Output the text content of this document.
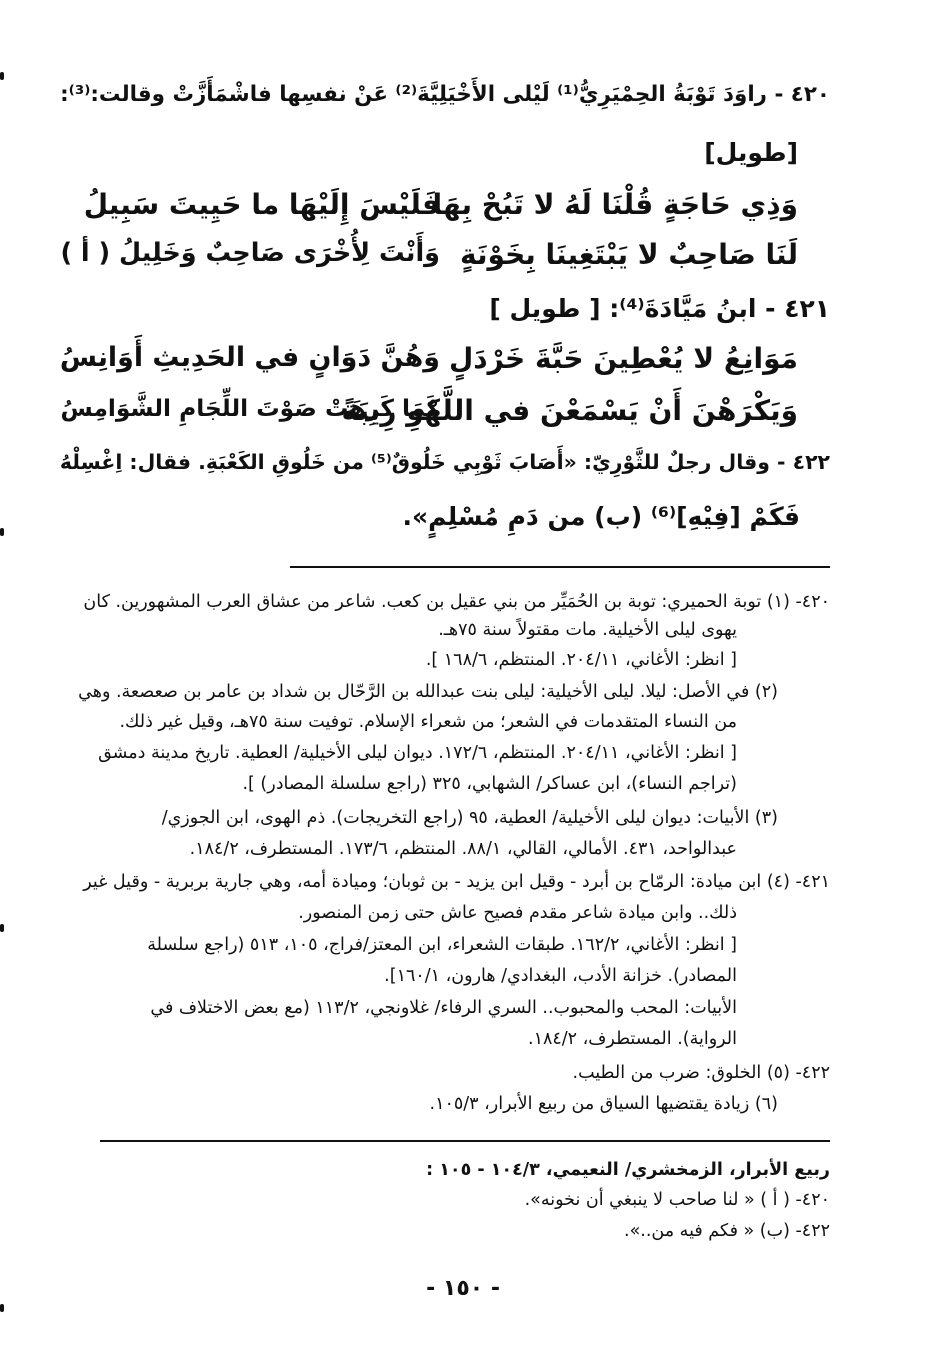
٤٢٠ - راوَدَ تَوْبَةُ الحِمْيَرِيُّ⁽¹⁾ لَيْلى الأَخْيَلِيَّةَ⁽²⁾ عَنْ نفسِها فاشْمَأَزَّتْ وقالت:⁽³⁾:
[طويل]
وَذِي حَاجَةٍ قُلْنَا لَهُ لا تَبُحْ بِهَا
فَلَيْسَ إِلَيْهَا ما حَيِيتَ سَبِيلُ
لَنَا صَاحِبٌ لا يَبْتَغِينَا بِخَوْنَةٍ
وَأَنْتَ لِأُخْرَى صَاحِبٌ وَخَلِيلُ ( أ )
٤٢١ - ابنُ مَيَّادَةَ⁽⁴⁾: [ طويل ]
مَوَانِعُ لا يُعْطِينَ حَبَّةَ خَرْدَلٍ
وَهُنَّ دَوَانٍ في الحَدِيثِ أَوَانِسُ
وَيَكْرَهْنَ أَنْ يَسْمَعْنَ في اللَّهْوِ رِيبَةً
كَمَا كَرِهَتْ صَوْتَ اللِّجَامِ الشَّوَامِسُ
٤٢٢ - وقال رجلٌ للثَّوْرِيّ: «أَصَابَ ثَوْبِي خَلُوقٌ⁽⁵⁾ من خَلُوقِ الكَعْبَةِ. فقال: اِغْسِلْهُ
فَكَمْ [فِيْهِ]⁽⁶⁾ (ب) من دَمِ مُسْلِمٍ».
٤٢٠- (١) توبة الحميري: توبة بن الحُمَيِّر من بني عقيل بن كعب. شاعر من عشاق العرب المشهورين. كان
يهوى ليلى الأخيلية. مات مقتولاً سنة ٧٥هـ.
[ انظر: الأغاني، ٢٠٤/١١. المنتظم، ١٦٨/٦ ].
(٢) في الأصل: ليلا. ليلى الأخيلية: ليلى بنت عبدالله بن الرَّحّال بن شداد بن عامر بن صعصعة. وهي
من النساء المتقدمات في الشعر؛ من شعراء الإسلام. توفيت سنة ٧٥هـ، وقيل غير ذلك.
[ انظر: الأغاني، ٢٠٤/١١. المنتظم، ١٧٢/٦. ديوان ليلى الأخيلية/ العطية. تاريخ مدينة دمشق
(تراجم النساء)، ابن عساكر/ الشهابي، ٣٢٥ (راجع سلسلة المصادر) ].
(٣) الأبيات: ديوان ليلى الأخيلية/ العطية، ٩٥ (راجع التخريجات). ذم الهوى، ابن الجوزي/
عبدالواحد، ٤٣١. الأمالي، القالي، ٨٨/١. المنتظم، ١٧٣/٦. المستطرف، ١٨٤/٢.
٤٢١- (٤) ابن ميادة: الرمّاح بن أبرد - وقيل ابن يزيد - بن ثوبان؛ وميادة أمه، وهي جارية بربرية - وقيل غير
ذلك.. وابن ميادة شاعر مقدم فصيح عاش حتى زمن المنصور.
[ انظر: الأغاني، ١٦٢/٢. طبقات الشعراء، ابن المعتز/فراج، ١٠٥، ٥١٣ (راجع سلسلة
المصادر). خزانة الأدب، البغدادي/ هارون، ١٦٠/١].
الأبيات: المحب والمحبوب.. السري الرفاء/ غلاونجي، ١١٣/٢ (مع بعض الاختلاف في
الرواية). المستطرف، ١٨٤/٢.
٤٢٢- (٥) الخلوق: ضرب من الطيب.
(٦) زيادة يقتضيها السياق من ربيع الأبرار، ١٠٥/٣.
ربيع الأبرار، الزمخشري/ النعيمي، ١٠٤/٣ - ١٠٥ :
٤٢٠- ( أ ) « لنا صاحب لا ينبغي أن نخونه».
٤٢٢- (ب) « فكم فيه من..».
- ١٥٠ -
